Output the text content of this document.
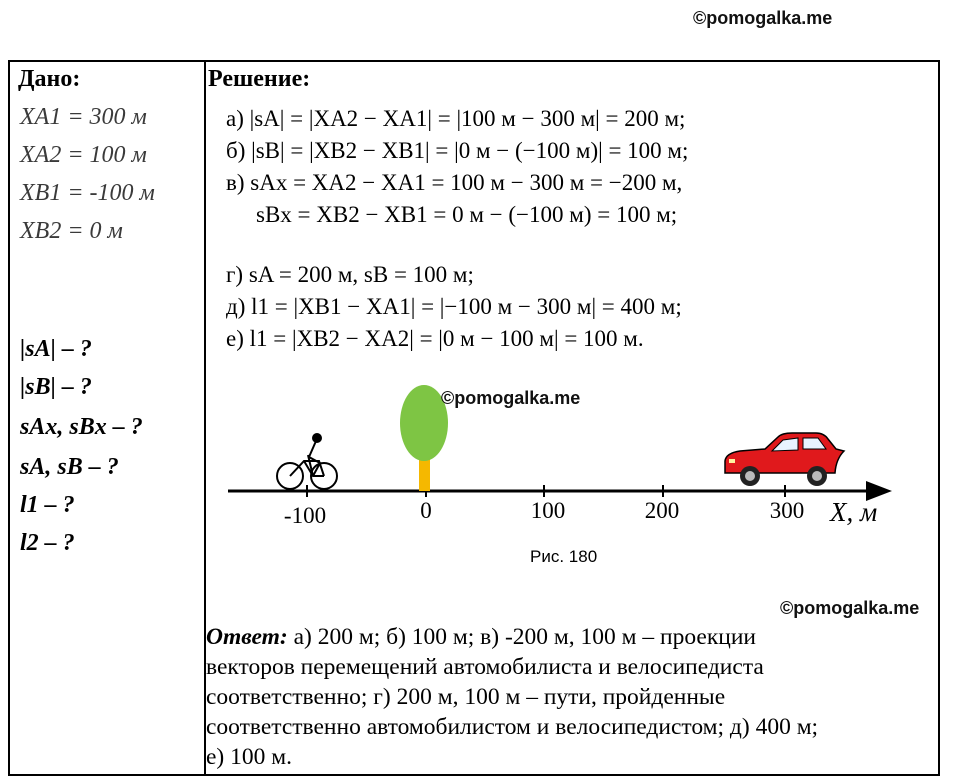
©pomogalka.me
Дано:
XA1 = 300 м
XA2 = 100 м
XB1 = -100 м
XB2 = 0 м
|sA| – ?
|sB| – ?
sAx, sBx – ?
sA, sB – ?
l1 – ?
l2 – ?
Решение:
а) |sA| = |XA2 − XA1| = |100 м − 300 м| = 200 м;
б) |sB| = |XB2 − XB1| = |0 м − (−100 м)| = 100 м;
в) sAx = XA2 − XA1 = 100 м − 300 м = −200 м,
sBx = XB2 − XB1 = 0 м − (−100 м) = 100 м;
г) sA = 200 м, sB = 100 м;
д) l1 = |XB1 − XA1| = |−100 м − 300 м| = 400 м;
е) l1 = |XB2 − XA2| = |0 м − 100 м| = 100 м.
Ответ: а) 200 м; б) 100 м; в) -200 м, 100 м – проекции
векторов перемещений автомобилиста и велосипедиста
соответственно; г) 200 м, 100 м – пути, пройденные
соответственно автомобилистом и велосипедистом; д) 400 м;
е) 100 м.
-100	0	100	200	300 X, м
©pomogalka.me
Рис. 180
©pomogalka.me
